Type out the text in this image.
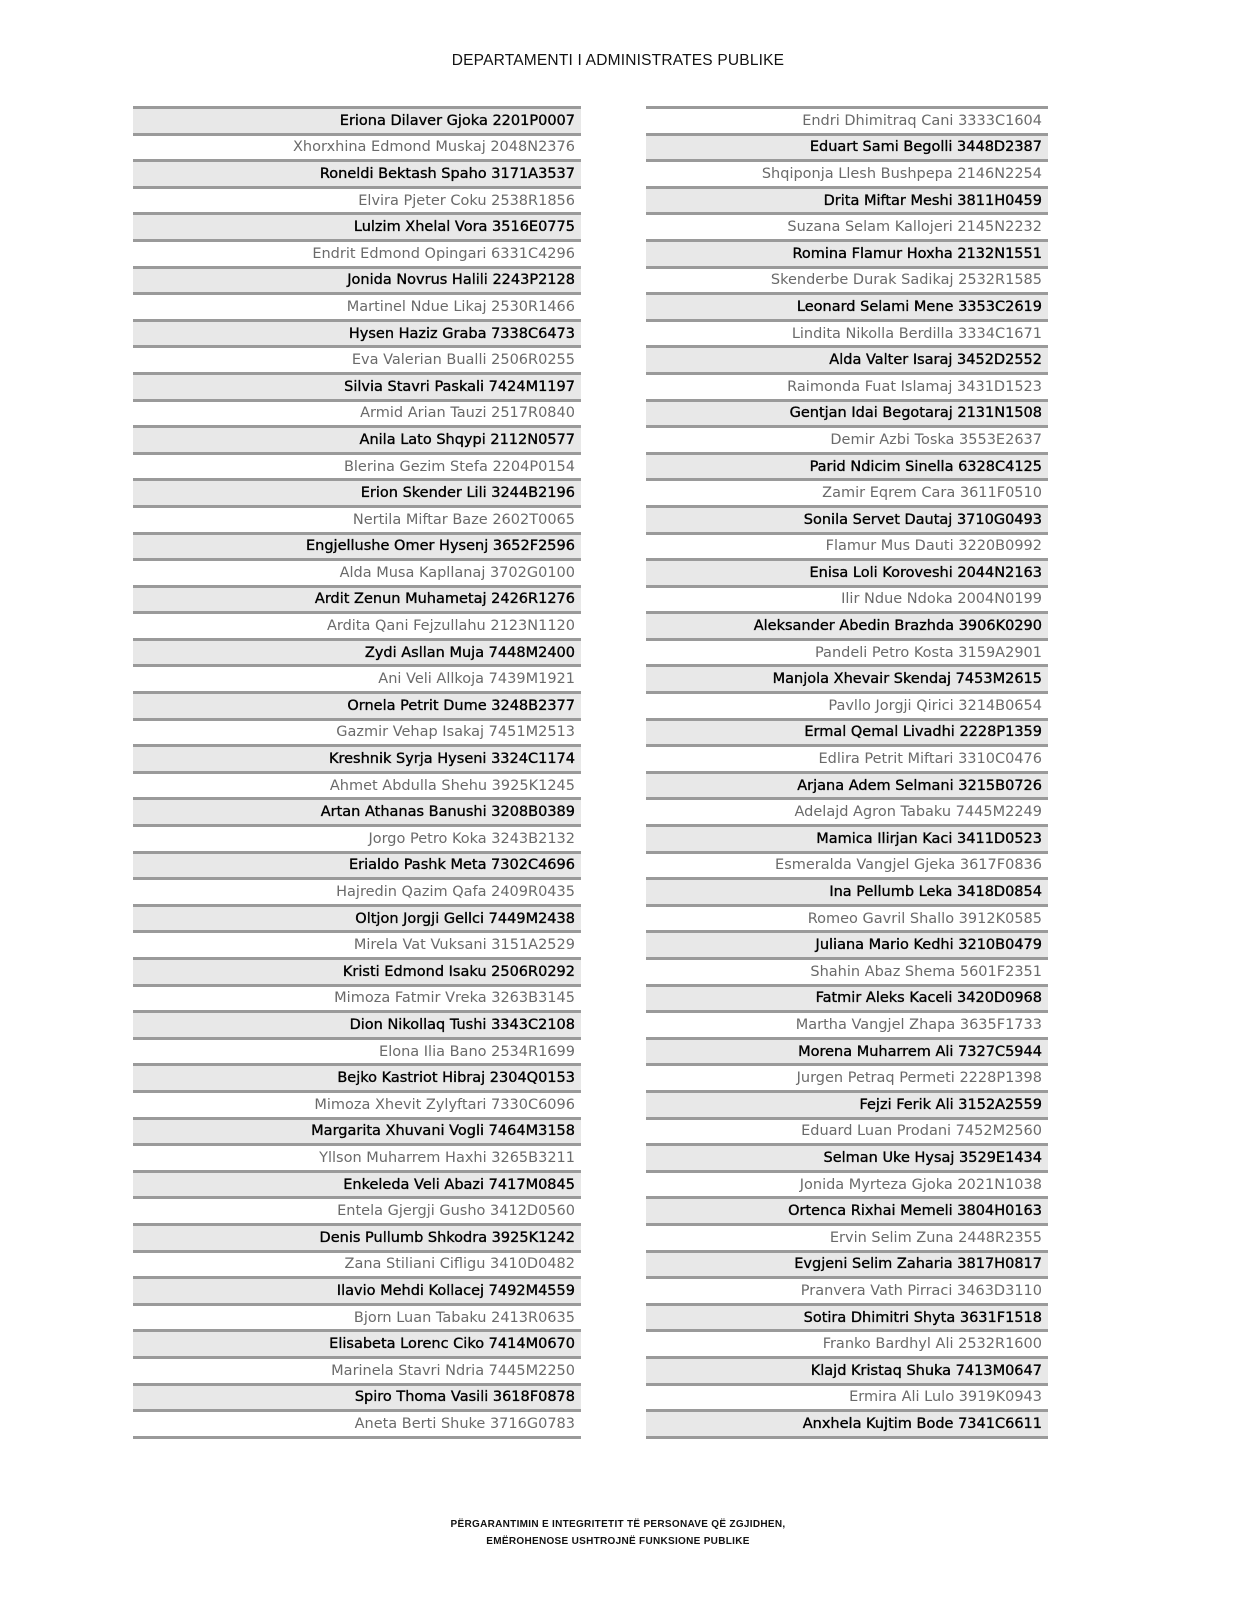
DEPARTAMENTI I ADMINISTRATES PUBLIKE
Eriona Dilaver Gjoka 2201P0007
Xhorxhina Edmond Muskaj 2048N2376
Roneldi Bektash Spaho 3171A3537
Elvira Pjeter Coku 2538R1856
Lulzim Xhelal Vora 3516E0775
Endrit Edmond Opingari 6331C4296
Jonida Novrus Halili 2243P2128
Martinel Ndue Likaj 2530R1466
Hysen Haziz Graba 7338C6473
Eva Valerian Bualli 2506R0255
Silvia Stavri Paskali 7424M1197
Armid Arian Tauzi 2517R0840
Anila Lato Shqypi 2112N0577
Blerina Gezim Stefa 2204P0154
Erion Skender Lili 3244B2196
Nertila Miftar Baze 2602T0065
Engjellushe Omer Hysenj 3652F2596
Alda Musa Kapllanaj 3702G0100
Ardit Zenun Muhametaj 2426R1276
Ardita Qani Fejzullahu 2123N1120
Zydi Asllan Muja 7448M2400
Ani Veli Allkoja 7439M1921
Ornela Petrit Dume 3248B2377
Gazmir Vehap Isakaj 7451M2513
Kreshnik Syrja Hyseni 3324C1174
Ahmet Abdulla Shehu 3925K1245
Artan Athanas Banushi 3208B0389
Jorgo Petro Koka 3243B2132
Erialdo Pashk Meta 7302C4696
Hajredin Qazim Qafa 2409R0435
Oltjon Jorgji Gellci 7449M2438
Mirela Vat Vuksani 3151A2529
Kristi Edmond Isaku 2506R0292
Mimoza Fatmir Vreka 3263B3145
Dion Nikollaq Tushi 3343C2108
Elona Ilia Bano 2534R1699
Bejko Kastriot Hibraj 2304Q0153
Mimoza Xhevit Zylyftari 7330C6096
Margarita Xhuvani Vogli 7464M3158
Yllson Muharrem Haxhi 3265B3211
Enkeleda Veli Abazi 7417M0845
Entela Gjergji Gusho 3412D0560
Denis Pullumb Shkodra 3925K1242
Zana Stiliani Cifligu 3410D0482
Ilavio Mehdi Kollacej 7492M4559
Bjorn Luan Tabaku 2413R0635
Elisabeta Lorenc Ciko 7414M0670
Marinela Stavri Ndria 7445M2250
Spiro Thoma Vasili 3618F0878
Aneta Berti Shuke 3716G0783
Endri Dhimitraq Cani 3333C1604
Eduart Sami Begolli 3448D2387
Shqiponja Llesh Bushpepa 2146N2254
Drita Miftar Meshi 3811H0459
Suzana Selam Kallojeri 2145N2232
Romina Flamur Hoxha 2132N1551
Skenderbe Durak Sadikaj 2532R1585
Leonard Selami Mene 3353C2619
Lindita Nikolla Berdilla 3334C1671
Alda Valter Isaraj 3452D2552
Raimonda Fuat Islamaj 3431D1523
Gentjan Idai Begotaraj 2131N1508
Demir Azbi Toska 3553E2637
Parid Ndicim Sinella 6328C4125
Zamir Eqrem Cara 3611F0510
Sonila Servet Dautaj 3710G0493
Flamur Mus Dauti 3220B0992
Enisa Loli Koroveshi 2044N2163
Ilir Ndue Ndoka 2004N0199
Aleksander Abedin Brazhda 3906K0290
Pandeli Petro Kosta 3159A2901
Manjola Xhevair Skendaj 7453M2615
Pavllo Jorgji Qirici 3214B0654
Ermal Qemal Livadhi 2228P1359
Edlira Petrit Miftari 3310C0476
Arjana Adem Selmani 3215B0726
Adelajd Agron Tabaku 7445M2249
Mamica Ilirjan Kaci 3411D0523
Esmeralda Vangjel Gjeka 3617F0836
Ina Pellumb Leka 3418D0854
Romeo Gavril Shallo 3912K0585
Juliana Mario Kedhi 3210B0479
Shahin Abaz Shema 5601F2351
Fatmir Aleks Kaceli 3420D0968
Martha Vangjel Zhapa 3635F1733
Morena Muharrem Ali 7327C5944
Jurgen Petraq Permeti 2228P1398
Fejzi Ferik Ali 3152A2559
Eduard Luan Prodani 7452M2560
Selman Uke Hysaj 3529E1434
Jonida Myrteza Gjoka 2021N1038
Ortenca Rixhai Memeli 3804H0163
Ervin Selim Zuna 2448R2355
Evgjeni Selim Zaharia 3817H0817
Pranvera Vath Pirraci 3463D3110
Sotira Dhimitri Shyta 3631F1518
Franko Bardhyl Ali 2532R1600
Klajd Kristaq Shuka 7413M0647
Ermira Ali Lulo 3919K0943
Anxhela Kujtim Bode 7341C6611
PËRGARANTIMIN E INTEGRITETIT TË PERSONAVE QË ZGJIDHEN,
EMËROHENOSE USHTROJNË FUNKSIONE PUBLIKE
